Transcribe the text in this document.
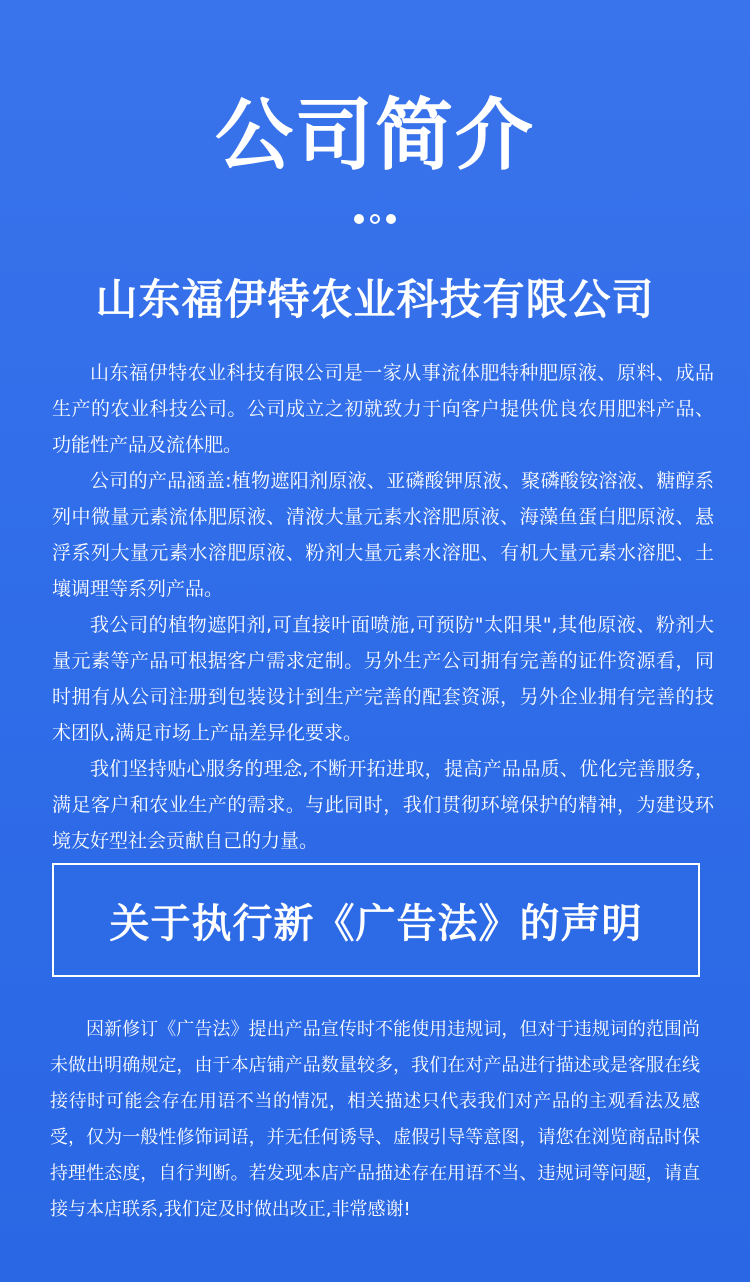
公司简介
山东福伊特农业科技有限公司

山东福伊特农业科技有限公司是一家从事流体肥特种肥原液、原料、成品生产的农业科技公司。公司成立之初就致力于向客户提供优良农用肥料产品、功能性产品及流体肥。

公司的产品涵盖:植物遮阳剂原液、亚磷酸钾原液、聚磷酸铵溶液、糖醇系列中微量元素流体肥原液、清液大量元素水溶肥原液、海藻鱼蛋白肥原液、悬浮系列大量元素水溶肥原液、粉剂大量元素水溶肥、有机大量元素水溶肥、土壤调理等系列产品。

我公司的植物遮阳剂,可直接叶面喷施,可预防"太阳果",其他原液、粉剂大量元素等产品可根据客户需求定制。另外生产公司拥有完善的证件资源看，同时拥有从公司注册到包装设计到生产完善的配套资源，另外企业拥有完善的技术团队,满足市场上产品差异化要求。

我们坚持贴心服务的理念,不断开拓进取，提高产品品质、优化完善服务，满足客户和农业生产的需求。与此同时，我们贯彻环境保护的精神，为建设环境友好型社会贡献自己的力量。

关于执行新《广告法》的声明

因新修订《广告法》提出产品宣传时不能使用违规词，但对于违规词的范围尚未做出明确规定，由于本店铺产品数量较多，我们在对产品进行描述或是客服在线接待时可能会存在用语不当的情况，相关描述只代表我们对产品的主观看法及感受，仅为一般性修饰词语，并无任何诱导、虚假引导等意图，请您在浏览商品时保持理性态度，自行判断。若发现本店产品描述存在用语不当、违规词等问题，请直接与本店联系,我们定及时做出改正,非常感谢!
